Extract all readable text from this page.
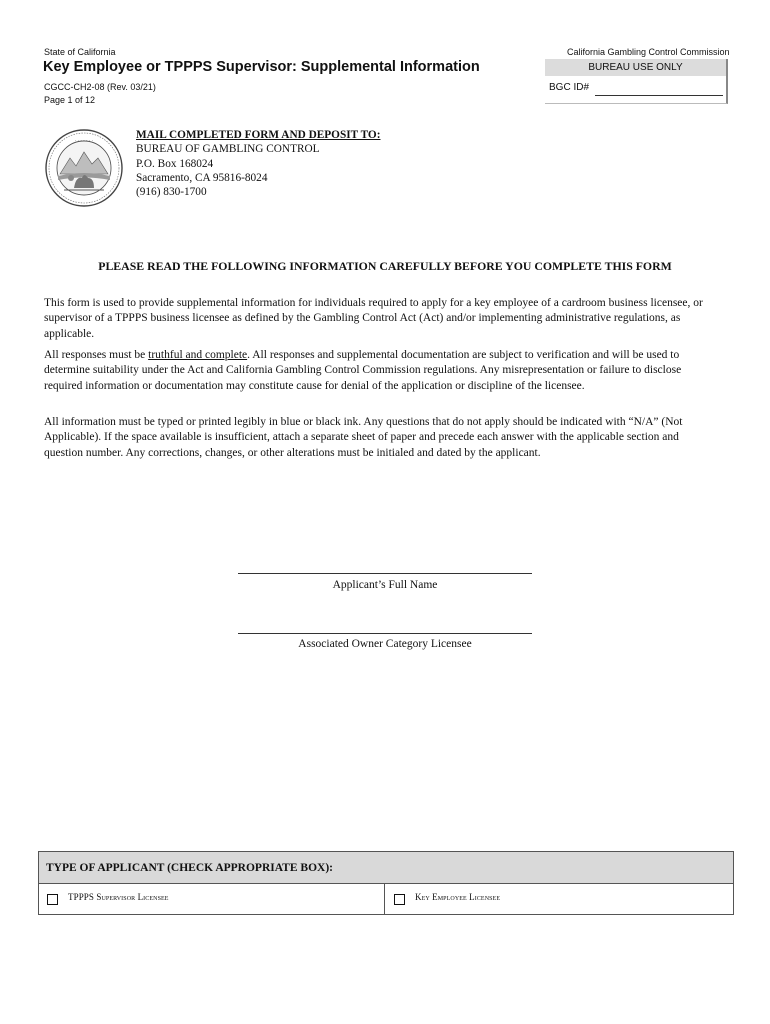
State of California	California Gambling Control Commission
Key Employee or TPPPS Supervisor: Supplemental Information
CGCC-CH2-08 (Rev. 03/21)
Page 1 of 12
BUREAU USE ONLY
BGC ID#
· · · · · · ·
MAIL COMPLETED FORM AND DEPOSIT TO:
BUREAU OF GAMBLING CONTROL
P.O. Box 168024
Sacramento, CA 95816-8024
(916) 830-1700
PLEASE READ THE FOLLOWING INFORMATION CAREFULLY BEFORE YOU COMPLETE THIS FORM
This form is used to provide supplemental information for individuals required to apply for a key employee of a cardroom business licensee, or supervisor of a TPPPS business licensee as defined by the Gambling Control Act (Act) and/or implementing administrative regulations, as applicable.
All responses must be truthful and complete. All responses and supplemental documentation are subject to verification and will be used to determine suitability under the Act and California Gambling Control Commission regulations. Any misrepresentation or failure to disclose required information or documentation may constitute cause for denial of the application or discipline of the licensee.
All information must be typed or printed legibly in blue or black ink. Any questions that do not apply should be indicated with “N/A” (Not Applicable). If the space available is insufficient, attach a separate sheet of paper and precede each answer with the applicable section and question number. Any corrections, changes, or other alterations must be initialed and dated by the applicant.
Applicant’s Full Name
Associated Owner Category Licensee
TYPE OF APPLICANT (CHECK APPROPRIATE BOX):
TPPPS Supervisor Licensee	Key Employee Licensee
